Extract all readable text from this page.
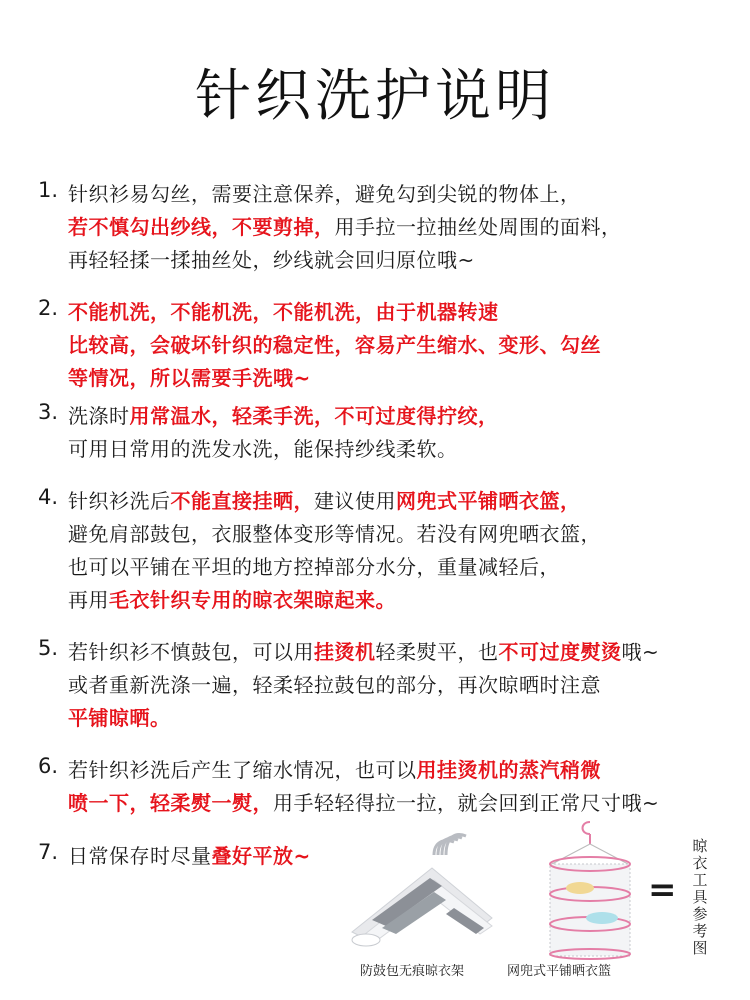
针织洗护说明
1. 针织衫易勾丝，需要注意保养，避免勾到尖锐的物体上，
若不慎勾出纱线，不要剪掉，用手拉一拉抽丝处周围的面料，
再轻轻揉一揉抽丝处，纱线就会回归原位哦~
2. 不能机洗，不能机洗，不能机洗，由于机器转速
比较高，会破坏针织的稳定性，容易产生缩水、变形、勾丝
等情况，所以需要手洗哦~
3. 洗涤时用常温水，轻柔手洗，不可过度得拧绞，
可用日常用的洗发水洗，能保持纱线柔软。
4. 针织衫洗后不能直接挂晒，建议使用网兜式平铺晒衣篮，
避免肩部鼓包，衣服整体变形等情况。若没有网兜晒衣篮，
也可以平铺在平坦的地方控掉部分水分，重量减轻后，
再用毛衣针织专用的晾衣架晾起来。
5. 若针织衫不慎鼓包，可以用挂烫机轻柔熨平，也不可过度熨烫哦~
或者重新洗涤一遍，轻柔轻拉鼓包的部分，再次晾晒时注意
平铺晾晒。
6. 若针织衫洗后产生了缩水情况，也可以用挂烫机的蒸汽稍微
喷一下，轻柔熨一熨，用手轻轻得拉一拉，就会回到正常尺寸哦~
7. 日常保存时尽量叠好平放~
防鼓包无痕晾衣架	网兜式平铺晒衣篮
=
晾
衣
工
具
参
考
图
